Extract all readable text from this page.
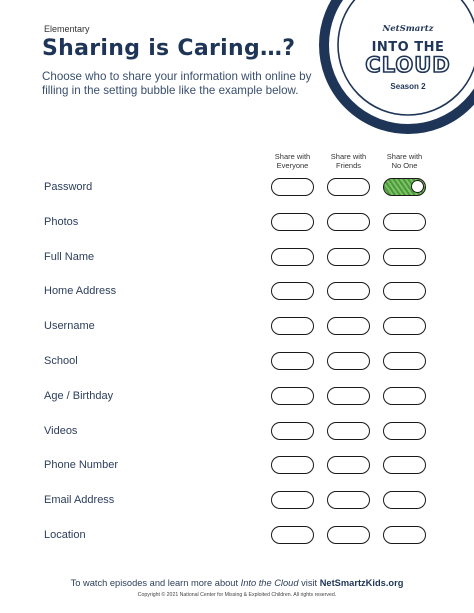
Elementary
Sharing is Caring…?
Choose who to share your information with online by filling in the setting bubble like the example below.
NetSmartz
INTO THE
CLOUD
Season 2
Share with
Everyone
Share with
Friends
Share with
No One
Password
Photos
Full Name
Home Address
Username
School
Age / Birthday
Videos
Phone Number
Email Address
Location
To watch episodes and learn more about Into the Cloud visit NetSmartzKids.org
Copyright © 2021 National Center for Missing & Exploited Children. All rights reserved.
